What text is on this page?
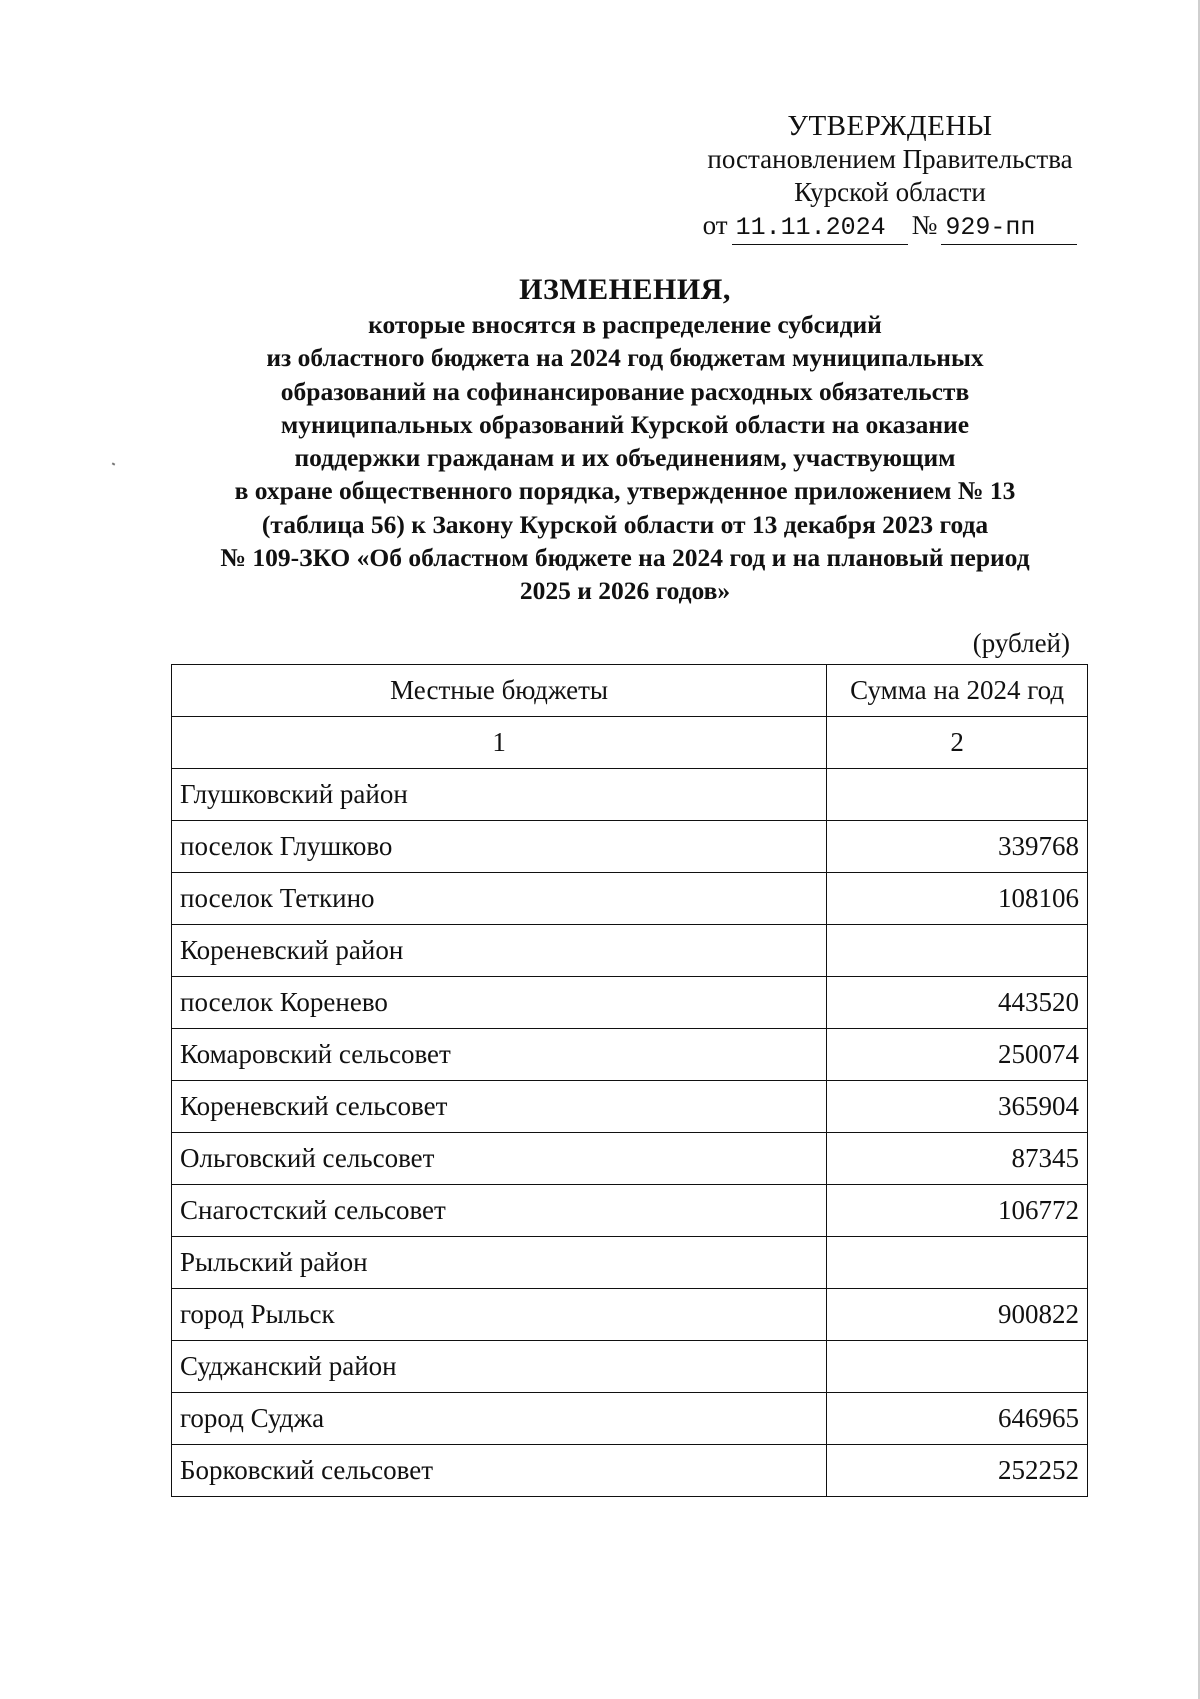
УТВЕРЖДЕНЫ
постановлением Правительства
Курской области
от 11.11.2024 № 929-пп
ИЗМЕНЕНИЯ,
которые вносятся в распределение субсидий
из областного бюджета на 2024 год бюджетам муниципальных
образований на софинансирование расходных обязательств
муниципальных образований Курской области на оказание
поддержки гражданам и их объединениям, участвующим
в охране общественного порядка, утвержденное приложением № 13
(таблица 56) к Закону Курской области от 13 декабря 2023 года
№ 109-ЗКО «Об областном бюджете на 2024 год и на плановый период
2025 и 2026 годов»
(рублей)
Местные бюджеты	Сумма на 2024 год
1	2
Глушковский район	
поселок Глушково	339768
поселок Теткино	108106
Кореневский район	
поселок Коренево	443520
Комаровский сельсовет	250074
Кореневский сельсовет	365904
Ольговский сельсовет	87345
Снагостский сельсовет	106772
Рыльский район	
город Рыльск	900822
Суджанский район	
город Суджа	646965
Борковский сельсовет	252252
